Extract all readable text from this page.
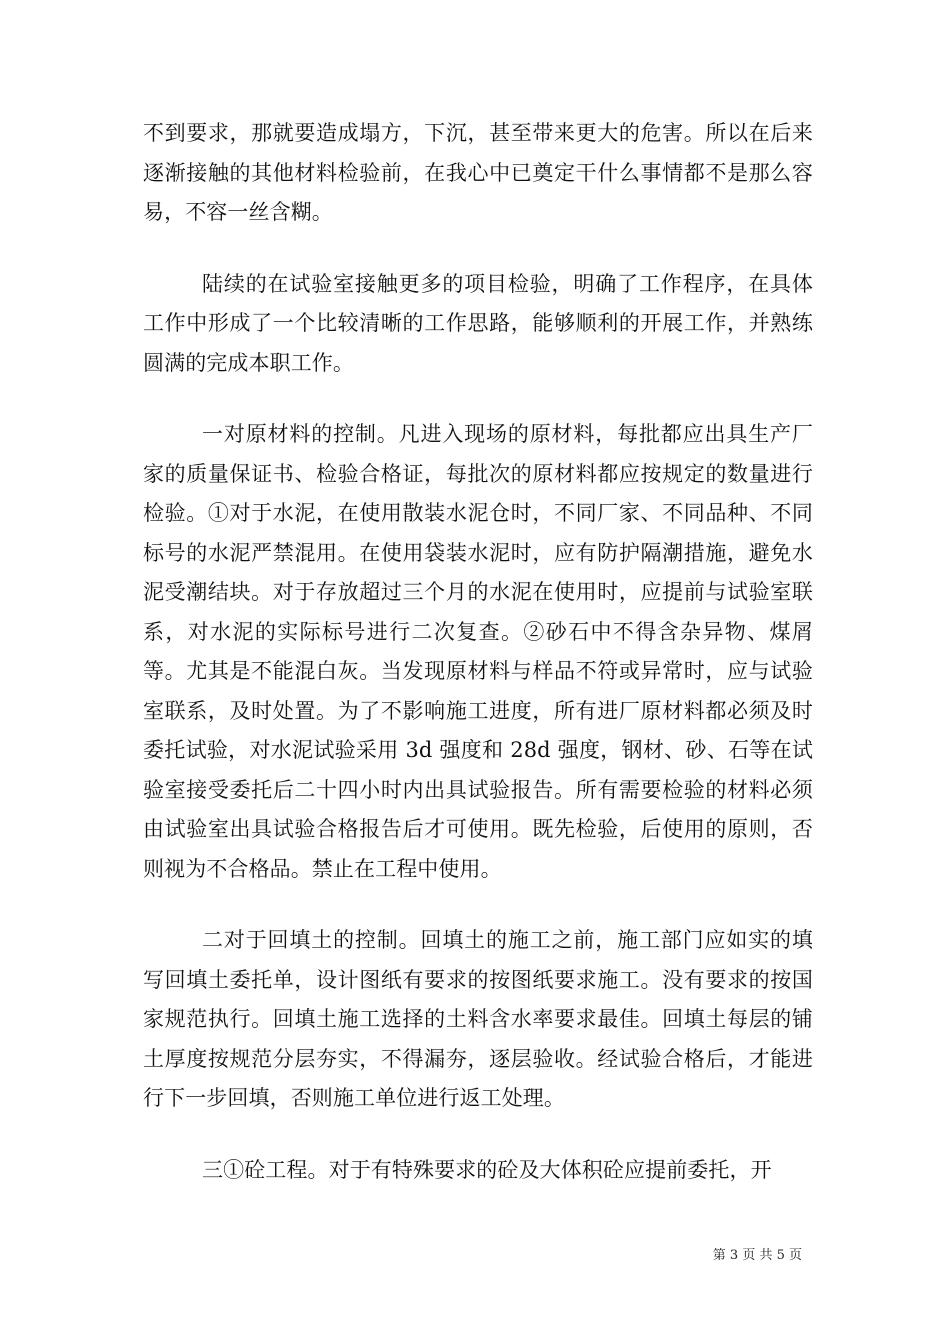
不到要求，那就要造成塌方，下沉，甚至带来更大的危害。所以在后来逐渐接触的其他材料检验前，在我心中已奠定干什么事情都不是那么容易，不容一丝含糊。

陆续的在试验室接触更多的项目检验，明确了工作程序，在具体工作中形成了一个比较清晰的工作思路，能够顺利的开展工作，并熟练圆满的完成本职工作。

一对原材料的控制。凡进入现场的原材料，每批都应出具生产厂家的质量保证书、检验合格证，每批次的原材料都应按规定的数量进行检验。①对于水泥，在使用散装水泥仓时，不同厂家、不同品种、不同标号的水泥严禁混用。在使用袋装水泥时，应有防护隔潮措施，避免水泥受潮结块。对于存放超过三个月的水泥在使用时，应提前与试验室联系，对水泥的实际标号进行二次复查。②砂石中不得含杂异物、煤屑等。尤其是不能混白灰。当发现原材料与样品不符或异常时，应与试验室联系，及时处置。为了不影响施工进度，所有进厂原材料都必须及时委托试验，对水泥试验采用 3d 强度和 28d 强度，钢材、砂、石等在试验室接受委托后二十四小时内出具试验报告。所有需要检验的材料必须由试验室出具试验合格报告后才可使用。既先检验，后使用的原则，否则视为不合格品。禁止在工程中使用。

二对于回填土的控制。回填土的施工之前，施工部门应如实的填写回填土委托单，设计图纸有要求的按图纸要求施工。没有要求的按国家规范执行。回填土施工选择的土料含水率要求最佳。回填土每层的铺土厚度按规范分层夯实，不得漏夯，逐层验收。经试验合格后，才能进行下一步回填，否则施工单位进行返工处理。

三①砼工程。对于有特殊要求的砼及大体积砼应提前委托，开

第 3 页 共 5 页
